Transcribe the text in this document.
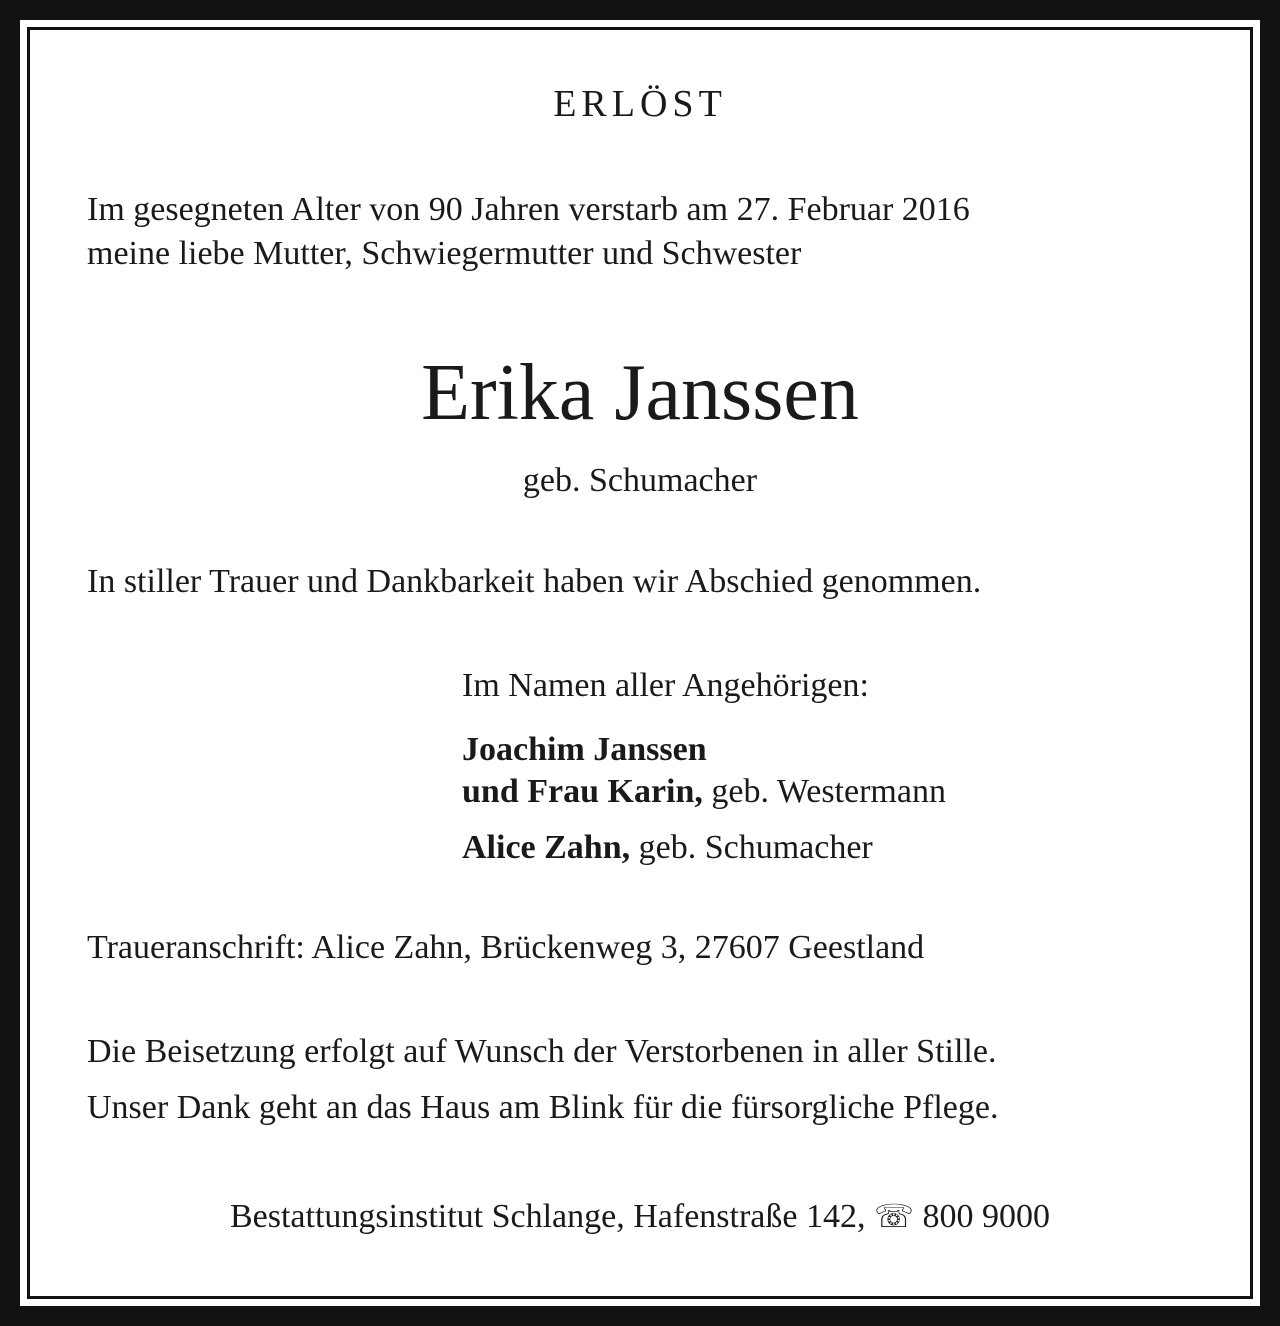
ERLÖST

Im gesegneten Alter von 90 Jahren verstarb am 27. Februar 2016

meine liebe Mutter, Schwiegermutter und Schwester

Erika Janssen

geb. Schumacher

In stiller Trauer und Dankbarkeit haben wir Abschied genommen.

Im Namen aller Angehörigen:

Joachim Janssen

und Frau Karin, geb. Westermann

Alice Zahn, geb. Schumacher

Traueranschrift: Alice Zahn, Brückenweg 3, 27607 Geestland

Die Beisetzung erfolgt auf Wunsch der Verstorbenen in aller Stille.

Unser Dank geht an das Haus am Blink für die fürsorgliche Pflege.

Bestattungsinstitut Schlange, Hafenstraße 142, ☏ 800 9000
